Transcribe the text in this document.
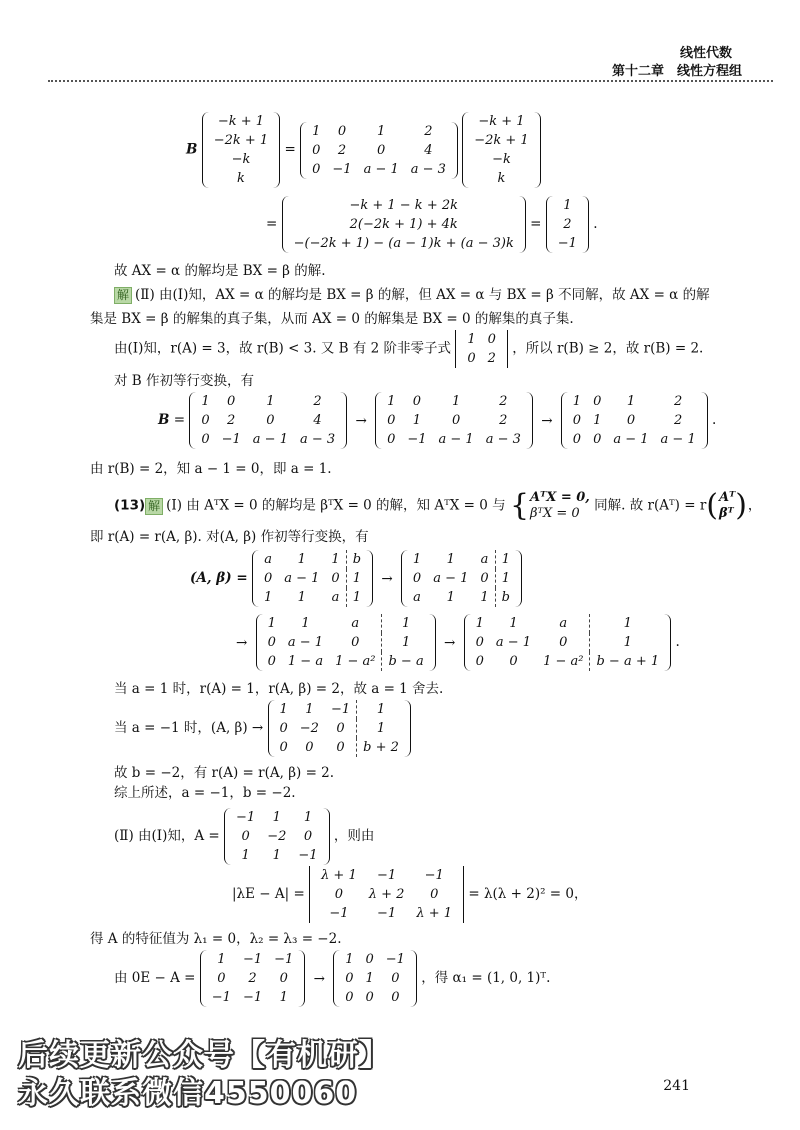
线性代数
第十二章　线性方程组
B
−k + 1
−2k + 1
−k
k
=
1	0	1	2
0	2	0	4
0	−1	a − 1	a − 3

−k + 1
−2k + 1
−k
k
=
−k + 1 − k + 2k
2(−2k + 1) + 4k
−(−2k + 1) − (a − 1)k + (a − 3)k
=
1
2
−1
.
故 AX = α 的解均是 BX = β 的解.
解 (Ⅱ) 由(Ⅰ)知，AX = α 的解均是 BX = β 的解，但 AX = α 与 BX = β 不同解，故 AX = α 的解
集是 BX = β 的解集的真子集，从而 AX = 0 的解集是 BX = 0 的解集的真子集.
由(Ⅰ)知，r(A) = 3，故 r(B) < 3. 又 B 有 2 阶非零子式
1	0
0	2
，所以 r(B) ≥ 2，故 r(B) = 2.
对 B 作初等行变换，有
B =
1	0	1	2
0	2	0	4
0	−1	a − 1	a − 3
→
1	0	1	2
0	1	0	2
0	−1	a − 1	a − 3
→
1	0	1	2
0	1	0	2
0	0	a − 1	a − 1
.
由 r(B) = 2，知 a − 1 = 0，即 a = 1.
(13) 解 (Ⅰ) 由 AᵀX = 0 的解均是 βᵀX = 0 的解，知 AᵀX = 0 与 {AᵀX = 0,
βᵀX = 0 同解. 故 r(Aᵀ) = r(Aᵀ
βᵀ)，
即 r(A) = r(A, β). 对(A, β) 作初等行变换，有
(A, β) =
a	1	1	b
0	a − 1	0	1
1	1	a	1
→
1	1	a	1
0	a − 1	0	1
a	1	1	b
→
1	1	a	1
0	a − 1	0	1
0	1 − a	1 − a²	b − a
→
1	1	a	1
0	a − 1	0	1
0	0	1 − a²	b − a + 1
.
当 a = 1 时，r(A) = 1，r(A, β) = 2，故 a = 1 舍去.
当 a = −1 时，(A, β) →
1	1	−1	1
0	−2	0	1
0	0	0	b + 2
故 b = −2，有 r(A) = r(A, β) = 2.
综上所述，a = −1，b = −2.
(Ⅱ) 由(Ⅰ)知，A =
−1	1	1
0	−2	0
1	1	−1
，则由
|λE − A| =
λ + 1	−1	−1
0	λ + 2	0
−1	−1	λ + 1
= λ(λ + 2)² = 0，
得 A 的特征值为 λ₁ = 0，λ₂ = λ₃ = −2.
由 0E − A =
1	−1	−1
0	2	0
−1	−1	1
→
1	0	−1
0	1	0
0	0	0
，得 α₁ = (1, 0, 1)ᵀ.
后续更新公众号【有机研】
永久联系微信4550060	241
